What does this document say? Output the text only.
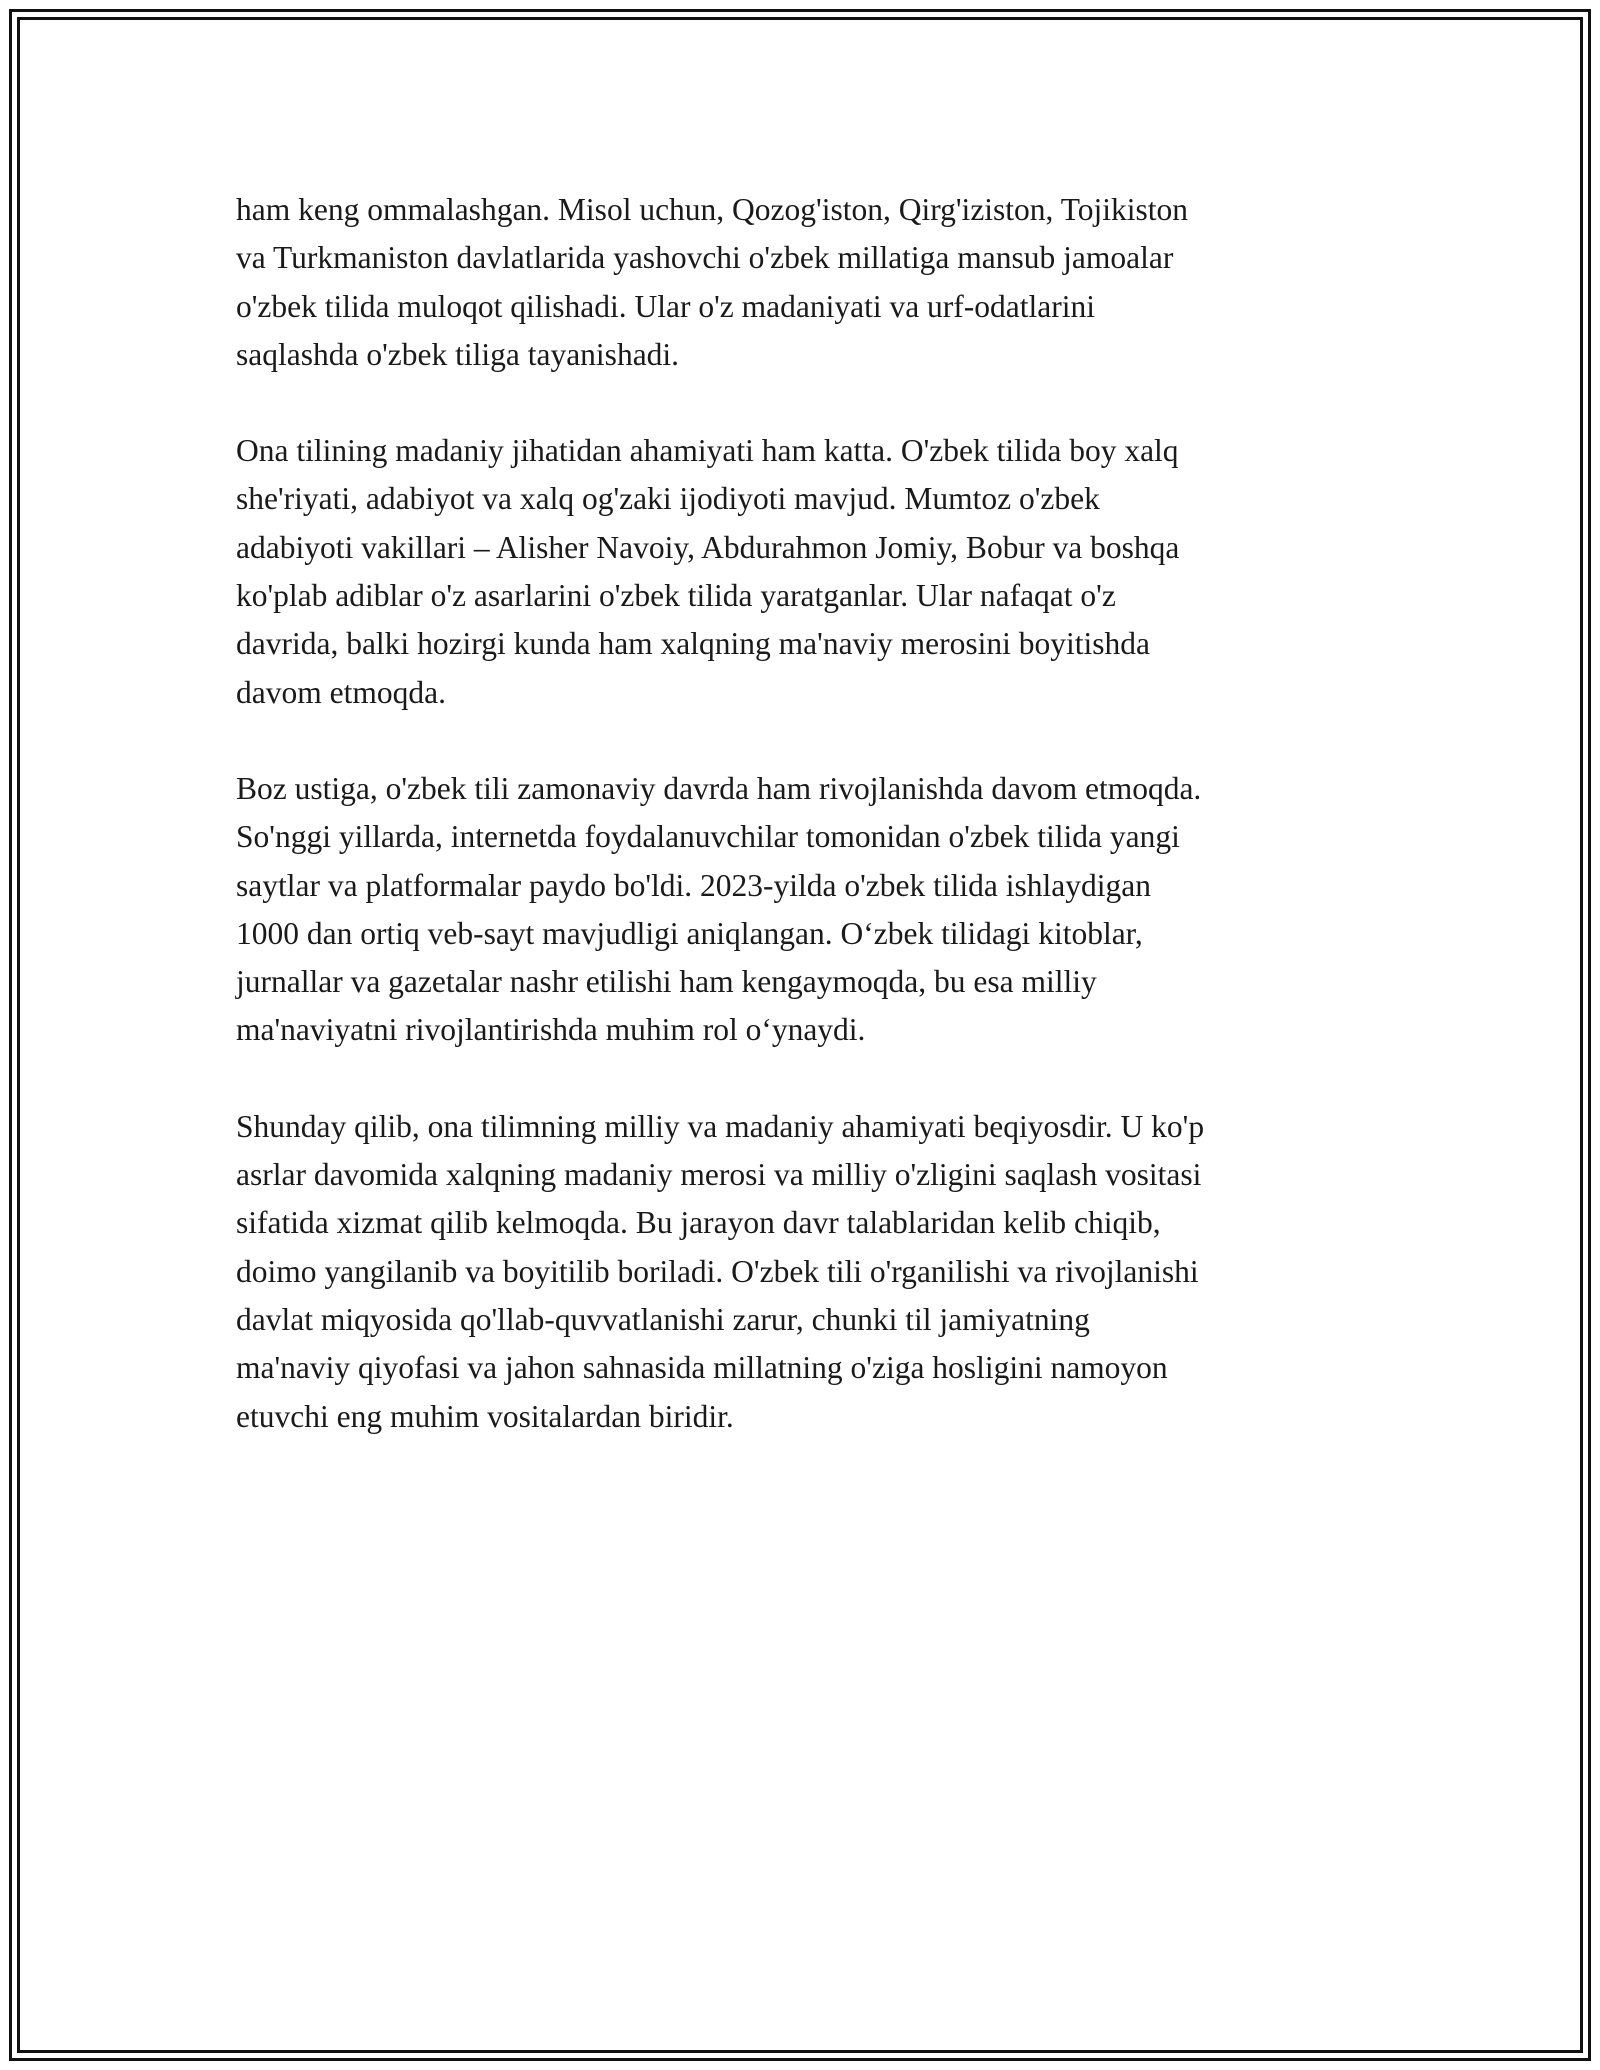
ham keng ommalashgan. Misol uchun, Qozog'iston, Qirg'iziston, Tojikiston
va Turkmaniston davlatlarida yashovchi o'zbek millatiga mansub jamoalar
o'zbek tilida muloqot qilishadi. Ular o'z madaniyati va urf-odatlarini
saqlashda o'zbek tiliga tayanishadi.

Ona tilining madaniy jihatidan ahamiyati ham katta. O'zbek tilida boy xalq
she'riyati, adabiyot va xalq og'zaki ijodiyoti mavjud. Mumtoz o'zbek
adabiyoti vakillari – Alisher Navoiy, Abdurahmon Jomiy, Bobur va boshqa
ko'plab adiblar o'z asarlarini o'zbek tilida yaratganlar. Ular nafaqat o'z
davrida, balki hozirgi kunda ham xalqning ma'naviy merosini boyitishda
davom etmoqda.

Boz ustiga, o'zbek tili zamonaviy davrda ham rivojlanishda davom etmoqda.
So'nggi yillarda, internetda foydalanuvchilar tomonidan o'zbek tilida yangi
saytlar va platformalar paydo bo'ldi. 2023-yilda o'zbek tilida ishlaydigan
1000 dan ortiq veb-sayt mavjudligi aniqlangan. O‘zbek tilidagi kitoblar,
jurnallar va gazetalar nashr etilishi ham kengaymoqda, bu esa milliy
ma'naviyatni rivojlantirishda muhim rol o‘ynaydi.

Shunday qilib, ona tilimning milliy va madaniy ahamiyati beqiyosdir. U ko'p
asrlar davomida xalqning madaniy merosi va milliy o'zligini saqlash vositasi
sifatida xizmat qilib kelmoqda. Bu jarayon davr talablaridan kelib chiqib,
doimo yangilanib va boyitilib boriladi. O'zbek tili o'rganilishi va rivojlanishi
davlat miqyosida qo'llab-quvvatlanishi zarur, chunki til jamiyatning
ma'naviy qiyofasi va jahon sahnasida millatning o'ziga hosligini namoyon
etuvchi eng muhim vositalardan biridir.
